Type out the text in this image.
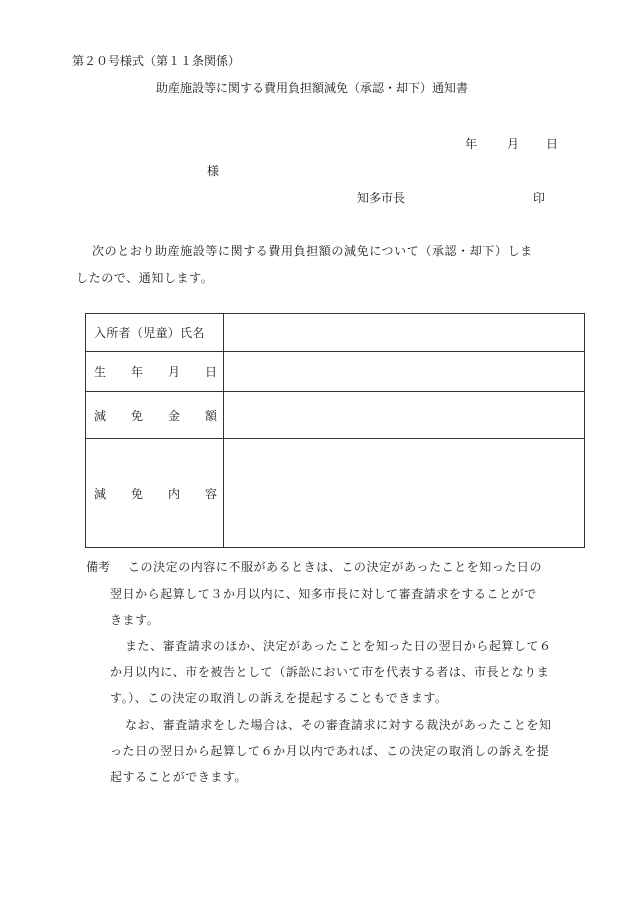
第２０号様式（第１１条関係）
助産施設等に関する費用負担額減免（承認・却下）通知書
年 月 日
様
知多市長	印
次のとおり助産施設等に関する費用負担額の減免について（承認・却下）しま
したので、通知します。
入所者（児童）氏名	

生 年 月 日	

減 免 金 額	

減 免 内 容	

備考 この決定の内容に不服があるときは、この決定があったことを知った日の
翌日から起算して３か月以内に、知多市長に対して審査請求をすることがで
きます。
また、審査請求のほか、決定があったことを知った日の翌日から起算して６
か月以内に、市を被告として（訴訟において市を代表する者は、市長となりま
す。）、この決定の取消しの訴えを提起することもできます。
なお、審査請求をした場合は、その審査請求に対する裁決があったことを知
った日の翌日から起算して６か月以内であれば、この決定の取消しの訴えを提
起することができます。
